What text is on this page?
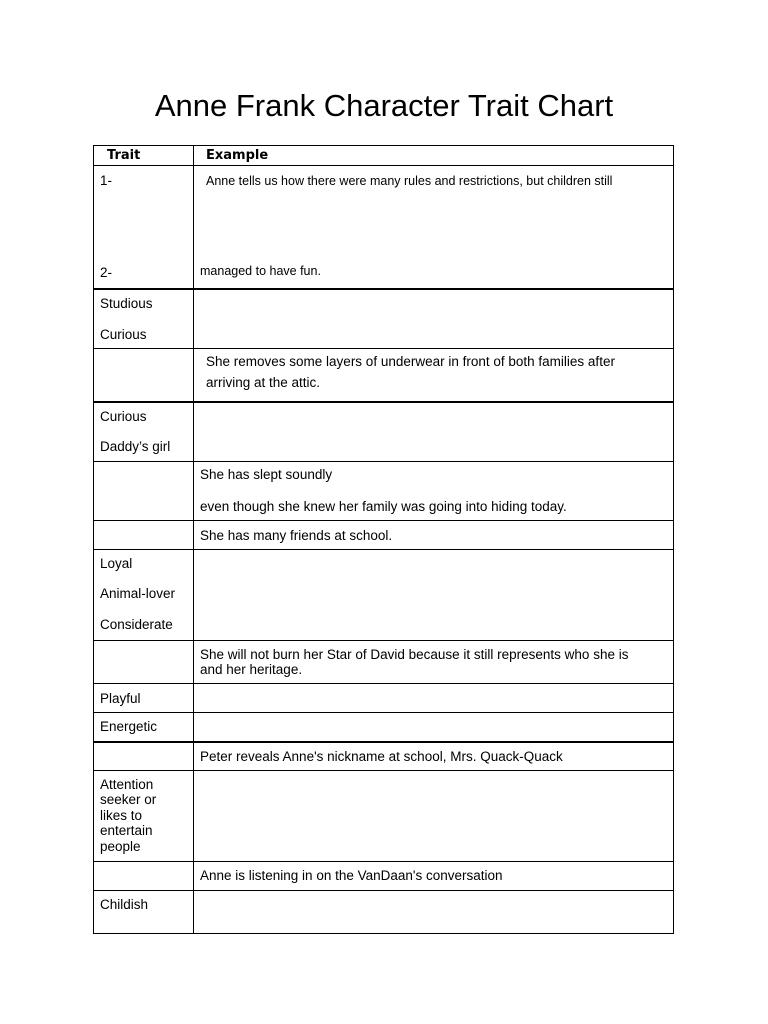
Anne Frank Character Trait Chart
Trait	Example
1-
2-
Anne tells us how there were many rules and restrictions, but children still
managed to have fun.
Studious
Curious
She removes some layers of underwear in front of both families after
arriving at the attic.
Curious
Daddy’s girl
She has slept soundly
even though she knew her family was going into hiding today.
She has many friends at school.
Loyal
Animal-lover
Considerate
She will not burn her Star of David because it still represents who she is
and her heritage.
Playful
Energetic
Peter reveals Anne's nickname at school, Mrs. Quack-Quack
Attention
seeker or
likes to
entertain
people
Anne is listening in on the VanDaan's conversation
Childish
